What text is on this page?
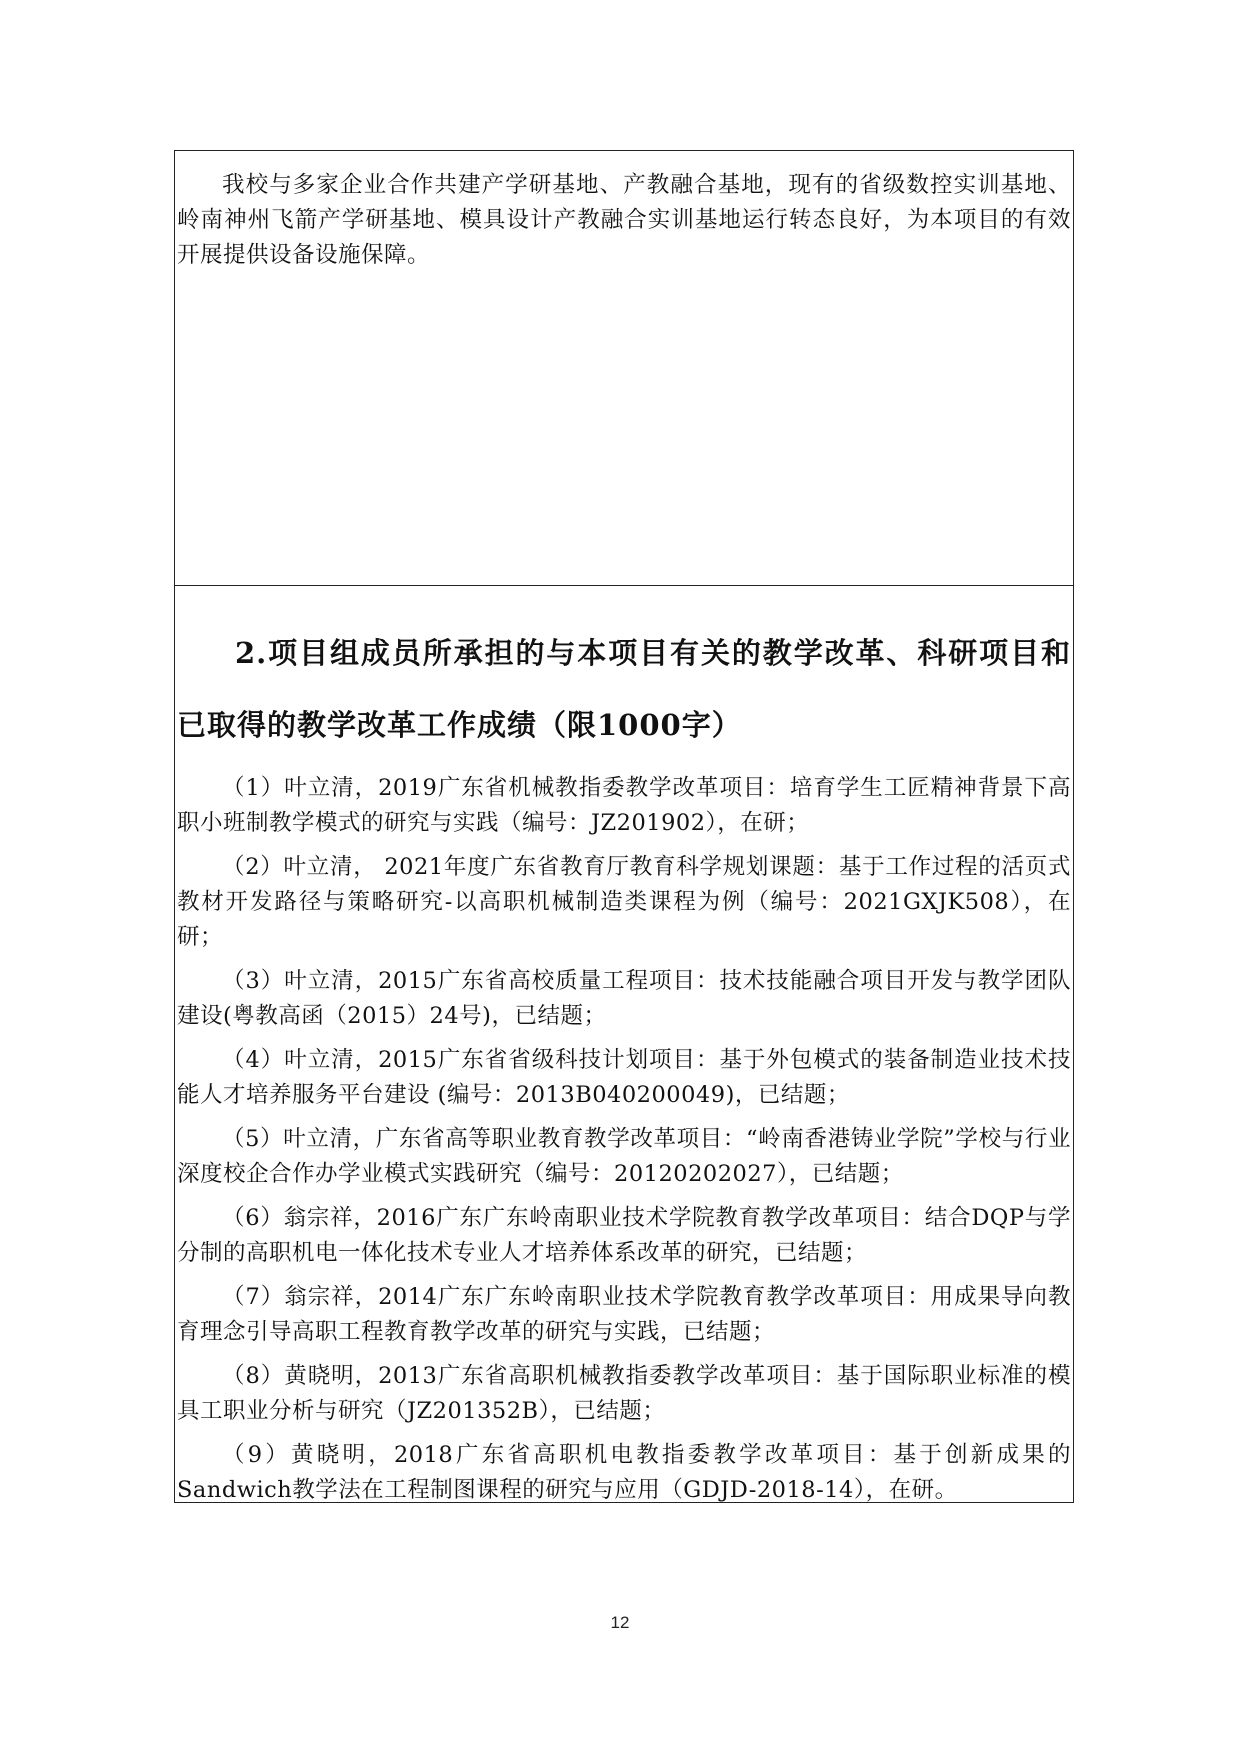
我校与多家企业合作共建产学研基地、产教融合基地，现有的省级数控实训基地、岭南神州飞箭产学研基地、模具设计产教融合实训基地运行转态良好，为本项目的有效开展提供设备设施保障。

2.项目组成员所承担的与本项目有关的教学改革、科研项目和已取得的教学改革工作成绩（限1000字）

（1）叶立清，2019广东省机械教指委教学改革项目：培育学生工匠精神背景下高职小班制教学模式的研究与实践（编号：JZ201902），在研；

（2）叶立清， 2021年度广东省教育厅教育科学规划课题：基于工作过程的活页式教材开发路径与策略研究-以高职机械制造类课程为例（编号：2021GXJK508），在研；

（3）叶立清，2015广东省高校质量工程项目：技术技能融合项目开发与教学团队建设(粤教高函（2015）24号)，已结题；

（4）叶立清，2015广东省省级科技计划项目：基于外包模式的装备制造业技术技能人才培养服务平台建设 (编号：2013B040200049)，已结题；

（5）叶立清，广东省高等职业教育教学改革项目：“岭南香港铸业学院”学校与行业深度校企合作办学业模式实践研究（编号：20120202027），已结题；

（6）翁宗祥，2016广东广东岭南职业技术学院教育教学改革项目：结合DQP与学分制的高职机电一体化技术专业人才培养体系改革的研究，已结题；

（7）翁宗祥，2014广东广东岭南职业技术学院教育教学改革项目：用成果导向教育理念引导高职工程教育教学改革的研究与实践，已结题；

（8）黄晓明，2013广东省高职机械教指委教学改革项目：基于国际职业标准的模具工职业分析与研究（JZ201352B），已结题；

（9）黄晓明，2018广东省高职机电教指委教学改革项目：基于创新成果的Sandwich教学法在工程制图课程的研究与应用（GDJD-2018-14），在研。

12
